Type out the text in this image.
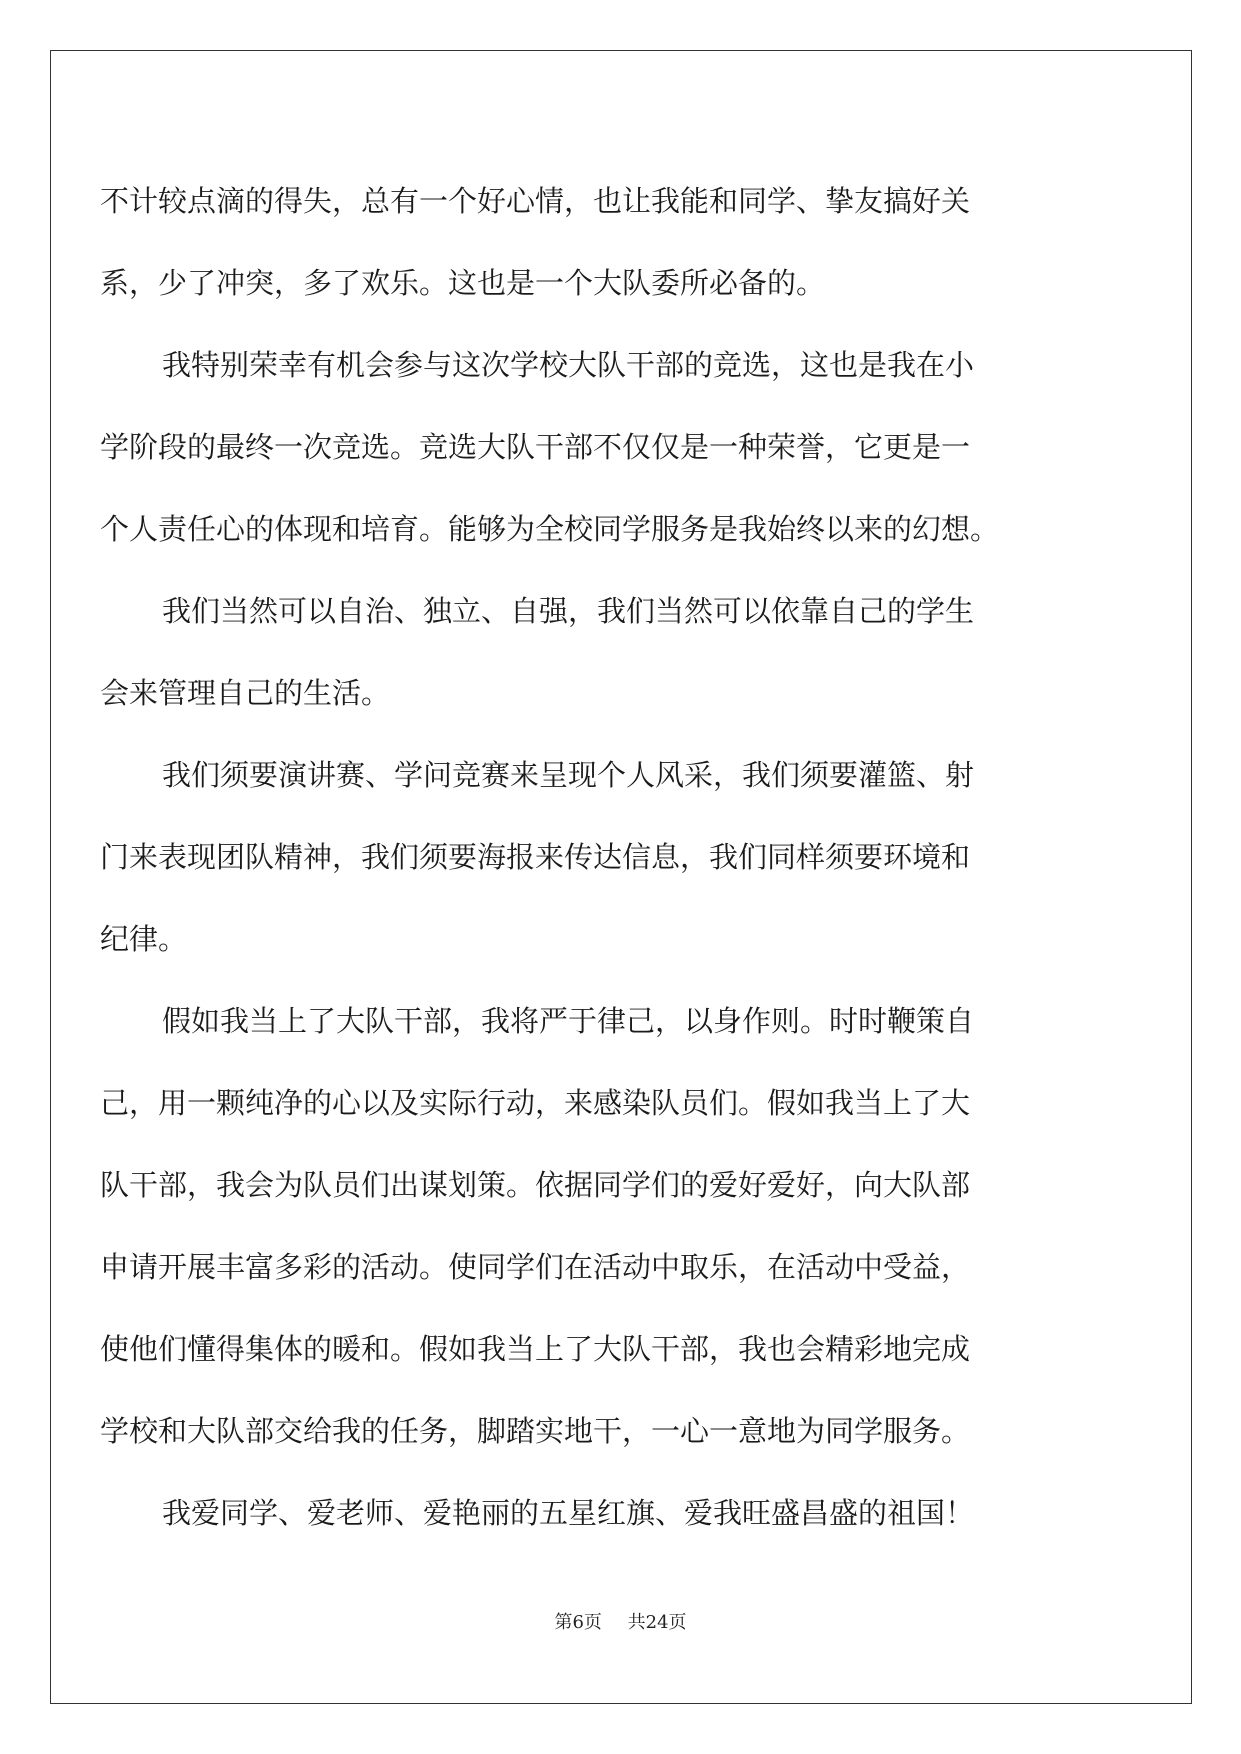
不计较点滴的得失，总有一个好心情，也让我能和同学、挚友搞好关

系，少了冲突，多了欢乐。这也是一个大队委所必备的。

我特别荣幸有机会参与这次学校大队干部的竞选，这也是我在小

学阶段的最终一次竞选。竞选大队干部不仅仅是一种荣誉，它更是一

个人责任心的体现和培育。能够为全校同学服务是我始终以来的幻想。

我们当然可以自治、独立、自强，我们当然可以依靠自己的学生

会来管理自己的生活。

我们须要演讲赛、学问竞赛来呈现个人风采，我们须要灌篮、射

门来表现团队精神，我们须要海报来传达信息，我们同样须要环境和

纪律。

假如我当上了大队干部，我将严于律己，以身作则。时时鞭策自

己，用一颗纯净的心以及实际行动，来感染队员们。假如我当上了大

队干部，我会为队员们出谋划策。依据同学们的爱好爱好，向大队部

申请开展丰富多彩的活动。使同学们在活动中取乐，在活动中受益，

使他们懂得集体的暖和。假如我当上了大队干部，我也会精彩地完成

学校和大队部交给我的任务，脚踏实地干，一心一意地为同学服务。

我爱同学、爱老师、爱艳丽的五星红旗、爱我旺盛昌盛的祖国！

第6页 共24页
